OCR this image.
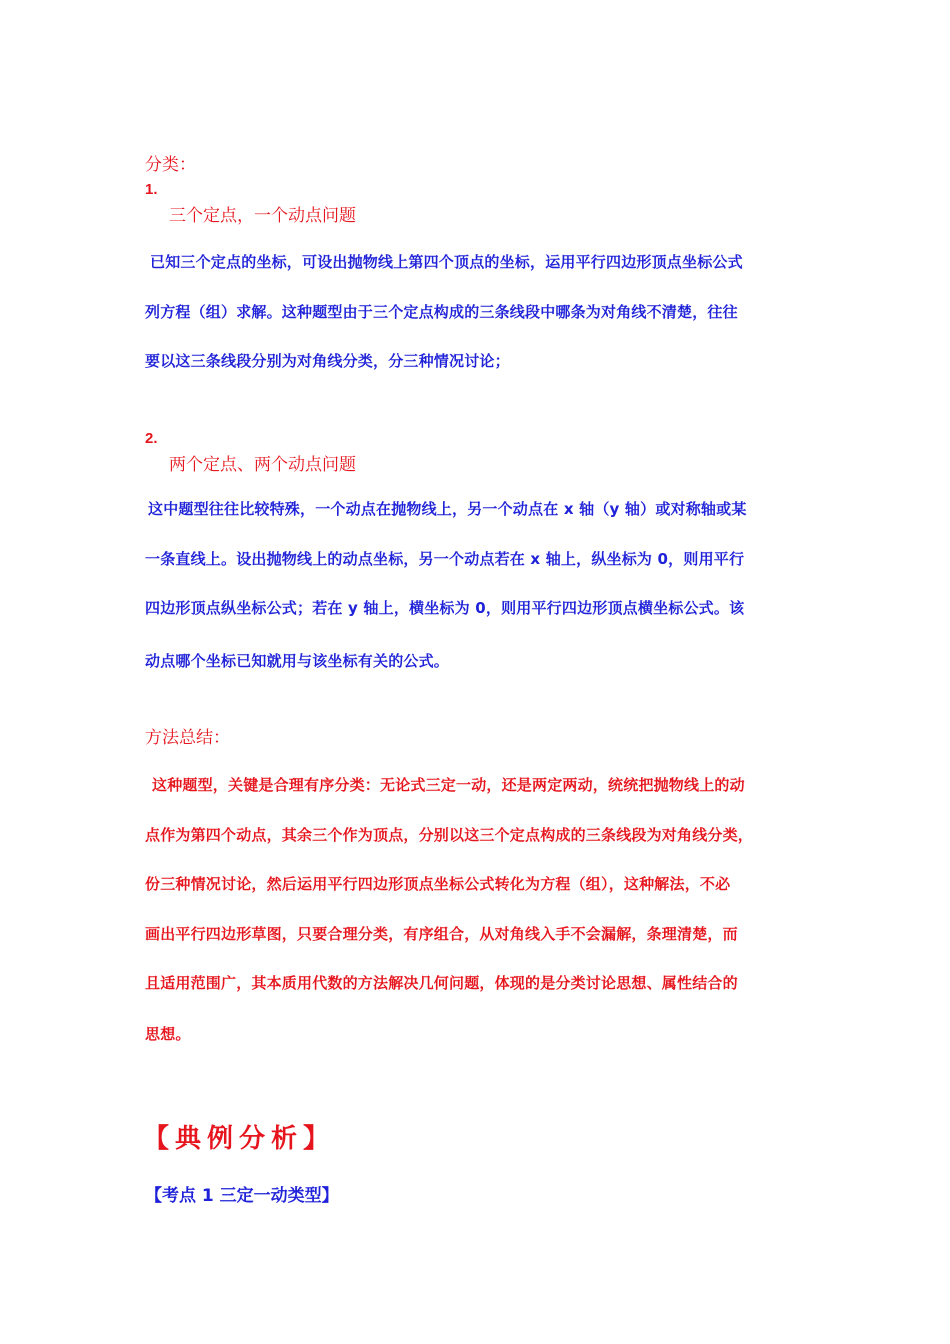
分类：
1.
三个定点，一个动点问题
已知三个定点的坐标，可设出抛物线上第四个顶点的坐标，运用平行四边形顶点坐标公式
列方程（组）求解。这种题型由于三个定点构成的三条线段中哪条为对角线不清楚，往往
要以这三条线段分别为对角线分类，分三种情况讨论；
2.
两个定点、两个动点问题
这中题型往往比较特殊，一个动点在抛物线上，另一个动点在 x 轴（y 轴）或对称轴或某
一条直线上。设出抛物线上的动点坐标，另一个动点若在 x 轴上，纵坐标为 0，则用平行
四边形顶点纵坐标公式；若在 y 轴上，横坐标为 0，则用平行四边形顶点横坐标公式。该
动点哪个坐标已知就用与该坐标有关的公式。
方法总结：
这种题型，关键是合理有序分类：无论式三定一动，还是两定两动，统统把抛物线上的动
点作为第四个动点，其余三个作为顶点，分别以这三个定点构成的三条线段为对角线分类，
份三种情况讨论，然后运用平行四边形顶点坐标公式转化为方程（组），这种解法，不必
画出平行四边形草图，只要合理分类，有序组合，从对角线入手不会漏解，条理清楚，而
且适用范围广，其本质用代数的方法解决几何问题，体现的是分类讨论思想、属性结合的
思想。
【典例分析】
【考点 1 三定一动类型】
